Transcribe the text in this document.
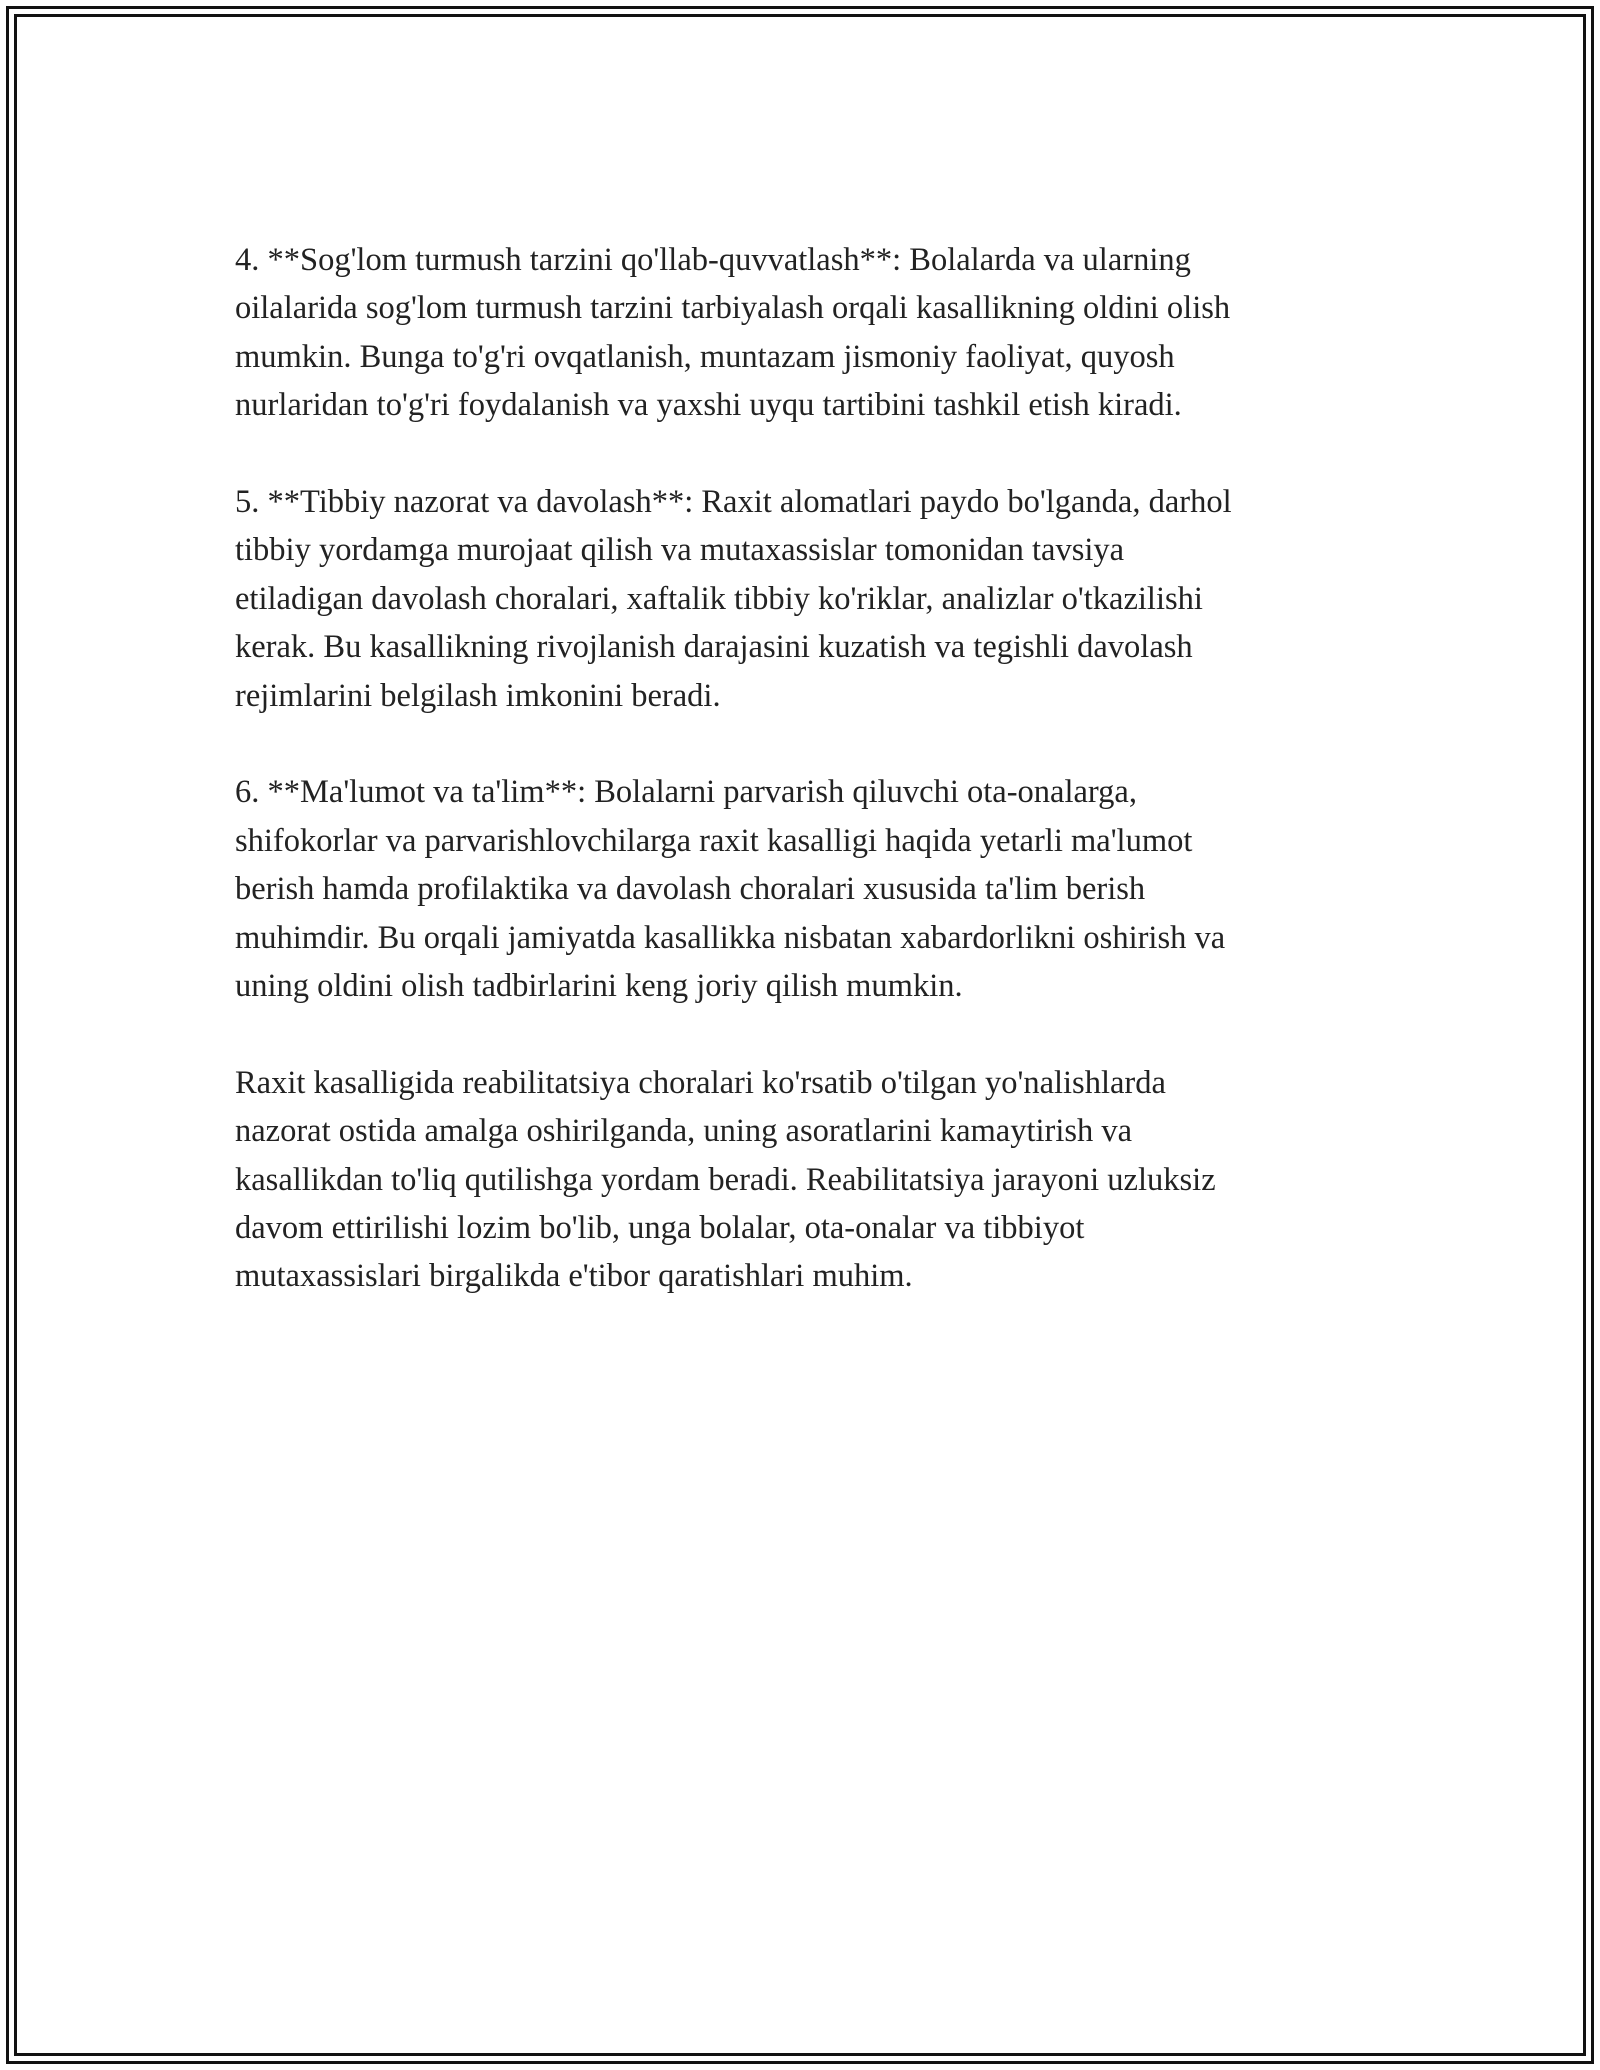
4. **Sog'lom turmush tarzini qo'llab-quvvatlash**: Bolalarda va ularning
oilalarida sog'lom turmush tarzini tarbiyalash orqali kasallikning oldini olish
mumkin. Bunga to'g'ri ovqatlanish, muntazam jismoniy faoliyat, quyosh
nurlaridan to'g'ri foydalanish va yaxshi uyqu tartibini tashkil etish kiradi.

5. **Tibbiy nazorat va davolash**: Raxit alomatlari paydo bo'lganda, darhol
tibbiy yordamga murojaat qilish va mutaxassislar tomonidan tavsiya
etiladigan davolash choralari, xaftalik tibbiy ko'riklar, analizlar o'tkazilishi
kerak. Bu kasallikning rivojlanish darajasini kuzatish va tegishli davolash
rejimlarini belgilash imkonini beradi.

6. **Ma'lumot va ta'lim**: Bolalarni parvarish qiluvchi ota-onalarga,
shifokorlar va parvarishlovchilarga raxit kasalligi haqida yetarli ma'lumot
berish hamda profilaktika va davolash choralari xususida ta'lim berish
muhimdir. Bu orqali jamiyatda kasallikka nisbatan xabardorlikni oshirish va
uning oldini olish tadbirlarini keng joriy qilish mumkin.

Raxit kasalligida reabilitatsiya choralari ko'rsatib o'tilgan yo'nalishlarda
nazorat ostida amalga oshirilganda, uning asoratlarini kamaytirish va
kasallikdan to'liq qutilishga yordam beradi. Reabilitatsiya jarayoni uzluksiz
davom ettirilishi lozim bo'lib, unga bolalar, ota-onalar va tibbiyot
mutaxassislari birgalikda e'tibor qaratishlari muhim.
